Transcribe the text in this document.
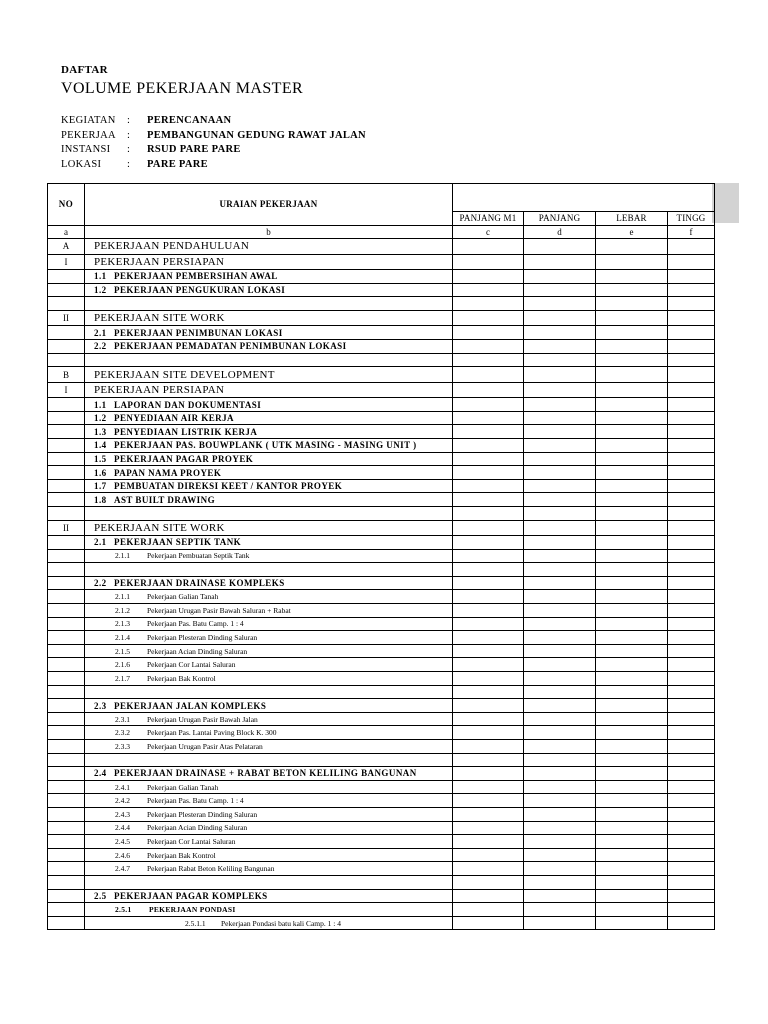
DAFTAR
VOLUME PEKERJAAN MASTER
KEGIATAN : PERENCANAAN
PEKERJAA : PEMBANGUNAN GEDUNG RAWAT JALAN
INSTANSI : RSUD PARE PARE
LOKASI : PARE PARE
NO	URAIAN PEKERJAAN				
		PANJANG M1	PANJANG	LEBAR	TINGG
a	b	c	d	e	f
A	PEKERJAAN PENDAHULUAN				
I	PEKERJAAN PERSIAPAN				
	1.1 PEKERJAAN PEMBERSIHAN AWAL				
	1.2 PEKERJAAN PENGUKURAN LOKASI				

II	PEKERJAAN SITE WORK				
	2.1 PEKERJAAN PENIMBUNAN LOKASI				
	2.2 PEKERJAAN PEMADATAN PENIMBUNAN LOKASI				

B	PEKERJAAN SITE DEVELOPMENT				
I	PEKERJAAN PERSIAPAN				
	1.1 LAPORAN DAN DOKUMENTASI				
	1.2 PENYEDIAAN AIR KERJA				
	1.3 PENYEDIAAN LISTRIK KERJA				
	1.4 PEKERJAAN PAS. BOUWPLANK ( UTK MASING - MASING UNIT )				
	1.5 PEKERJAAN PAGAR PROYEK				
	1.6 PAPAN NAMA PROYEK				
	1.7 PEMBUATAN DIREKSI KEET / KANTOR PROYEK				
	1.8 AST BUILT DRAWING				

II	PEKERJAAN SITE WORK				
	2.1 PEKERJAAN SEPTIK TANK				
	2.1.1 Pekerjaan Pembuatan Septik Tank				

	2.2 PEKERJAAN DRAINASE KOMPLEKS				
	2.1.1 Pekerjaan Galian Tanah				
	2.1.2 Pekerjaan Urugan Pasir Bawah Saluran + Rabat				
	2.1.3 Pekerjaan Pas. Batu Camp. 1 : 4				
	2.1.4 Pekerjaan Plesteran Dinding Saluran				
	2.1.5 Pekerjaan Acian Dinding Saluran				
	2.1.6 Pekerjaan Cor Lantai Saluran				
	2.1.7 Pekerjaan Bak Kontrol				

	2.3 PEKERJAAN JALAN KOMPLEKS				
	2.3.1 Pekerjaan Urugan Pasir Bawah Jalan				
	2.3.2 Pekerjaan Pas. Lantai Paving Block K. 300				
	2.3.3 Pekerjaan Urugan Pasir Atas Pelataran				

	2.4 PEKERJAAN DRAINASE + RABAT BETON KELILING BANGUNAN				
	2.4.1 Pekerjaan Galian Tanah				
	2.4.2 Pekerjaan Pas. Batu Camp. 1 : 4				
	2.4.3 Pekerjaan Plesteran Dinding Saluran				
	2.4.4 Pekerjaan Acian Dinding Saluran				
	2.4.5 Pekerjaan Cor Lantai Saluran				
	2.4.6 Pekerjaan Bak Kontrol				
	2.4.7 Pekerjaan Rabat Beton Keliling Bangunan				

	2.5 PEKERJAAN PAGAR KOMPLEKS				
	2.5.1 PEKERJAAN PONDASI				
	2.5.1.1 Pekerjaan Pondasi batu kali Camp. 1 : 4				
